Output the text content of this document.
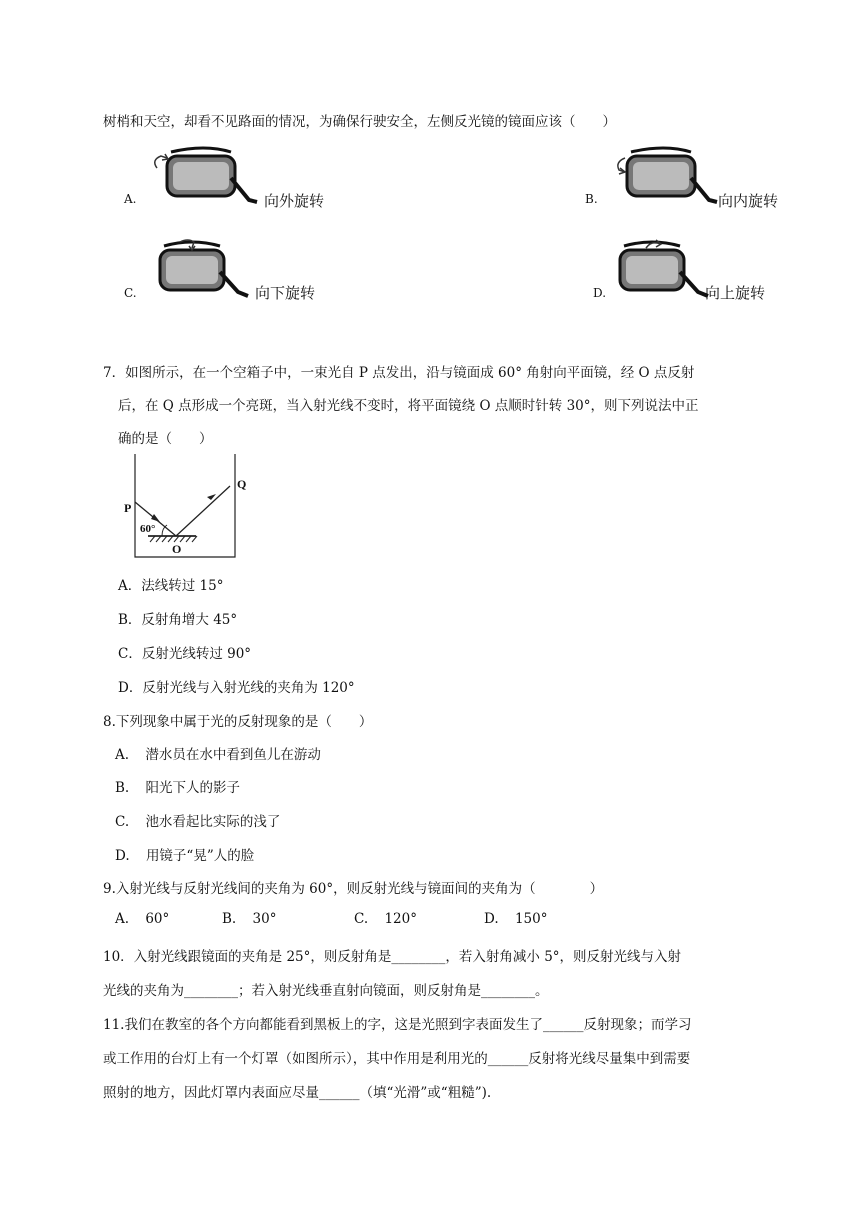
树梢和天空，却看不见路面的情况，为确保行驶安全，左侧反光镜的镜面应该（　　）
A.	向外旋转	B.	向内旋转
C.	向下旋转	D.	向上旋转
7．如图所示，在一个空箱子中，一束光自 P 点发出，沿与镜面成 60° 角射向平面镜，经 O 点反射
后，在 Q 点形成一个亮斑，当入射光线不变时，将平面镜绕 O 点顺时针转 30°，则下列说法中正
确的是（　　）
P
Q
60°
O
A．法线转过 15°
B．反射角增大 45°
C．反射光线转过 90°
D．反射光线与入射光线的夹角为 120°
8.下列现象中属于光的反射现象的是（　　）
A. 潜水员在水中看到鱼儿在游动
B. 阳光下人的影子
C. 池水看起比实际的浅了
D. 用镜子“晃”人的脸
9.入射光线与反射光线间的夹角为 60°，则反射光线与镜面间的夹角为（　　　　）
A. 60°	B. 30°	C. 120°	D. 150°
10．入射光线跟镜面的夹角是 25°，则反射角是________，若入射角减小 5°，则反射光线与入射
光线的夹角为________；若入射光线垂直射向镜面，则反射角是________。
11.我们在教室的各个方向都能看到黑板上的字，这是光照到字表面发生了______反射现象；而学习
或工作用的台灯上有一个灯罩（如图所示），其中作用是利用光的______反射将光线尽量集中到需要
照射的地方，因此灯罩内表面应尽量______（填“光滑”或“粗糙”).
